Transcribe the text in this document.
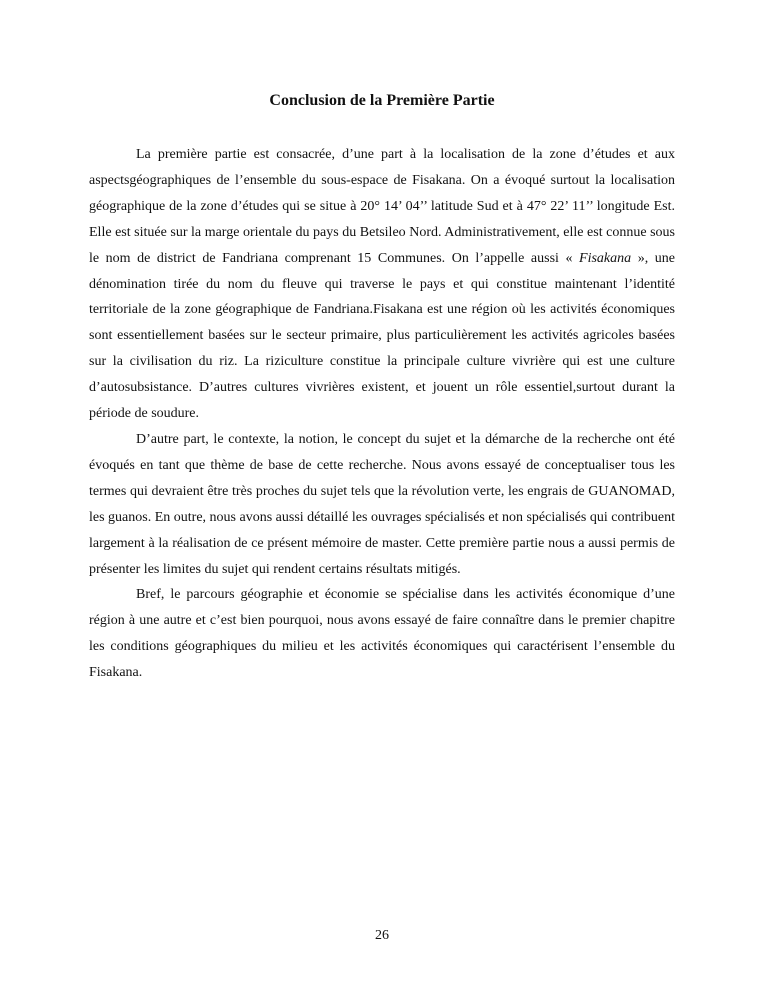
Conclusion de la Première Partie

La première partie est consacrée, d’une part à la localisation de la zone d’études et aux aspectsgéographiques de l’ensemble du sous-espace de Fisakana. On a évoqué surtout la localisation géographique de la zone d’études qui se situe à 20° 14’ 04’’ latitude Sud et à 47° 22’ 11’’ longitude Est. Elle est située sur la marge orientale du pays du Betsileo Nord. Administrativement, elle est connue sous le nom de district de Fandriana comprenant 15 Communes. On l’appelle aussi « Fisakana », une dénomination tirée du nom du fleuve qui traverse le pays et qui constitue maintenant l’identité territoriale de la zone géographique de Fandriana.Fisakana est une région où les activités économiques sont essentiellement basées sur le secteur primaire, plus particulièrement les activités agricoles basées sur la civilisation du riz. La riziculture constitue la principale culture vivrière qui est une culture d’autosubsistance. D’autres cultures vivrières existent, et jouent un rôle essentiel,surtout durant la période de soudure.

D’autre part, le contexte, la notion, le concept du sujet et la démarche de la recherche ont été évoqués en tant que thème de base de cette recherche. Nous avons essayé de conceptualiser tous les termes qui devraient être très proches du sujet tels que la révolution verte, les engrais de GUANOMAD, les guanos. En outre, nous avons aussi détaillé les ouvrages spécialisés et non spécialisés qui contribuent largement à la réalisation de ce présent mémoire de master. Cette première partie nous a aussi permis de présenter les limites du sujet qui rendent certains résultats mitigés.

Bref, le parcours géographie et économie se spécialise dans les activités économique d’une région à une autre et c’est bien pourquoi, nous avons essayé de faire connaître dans le premier chapitre les conditions géographiques du milieu et les activités économiques qui caractérisent l’ensemble du Fisakana.

26
